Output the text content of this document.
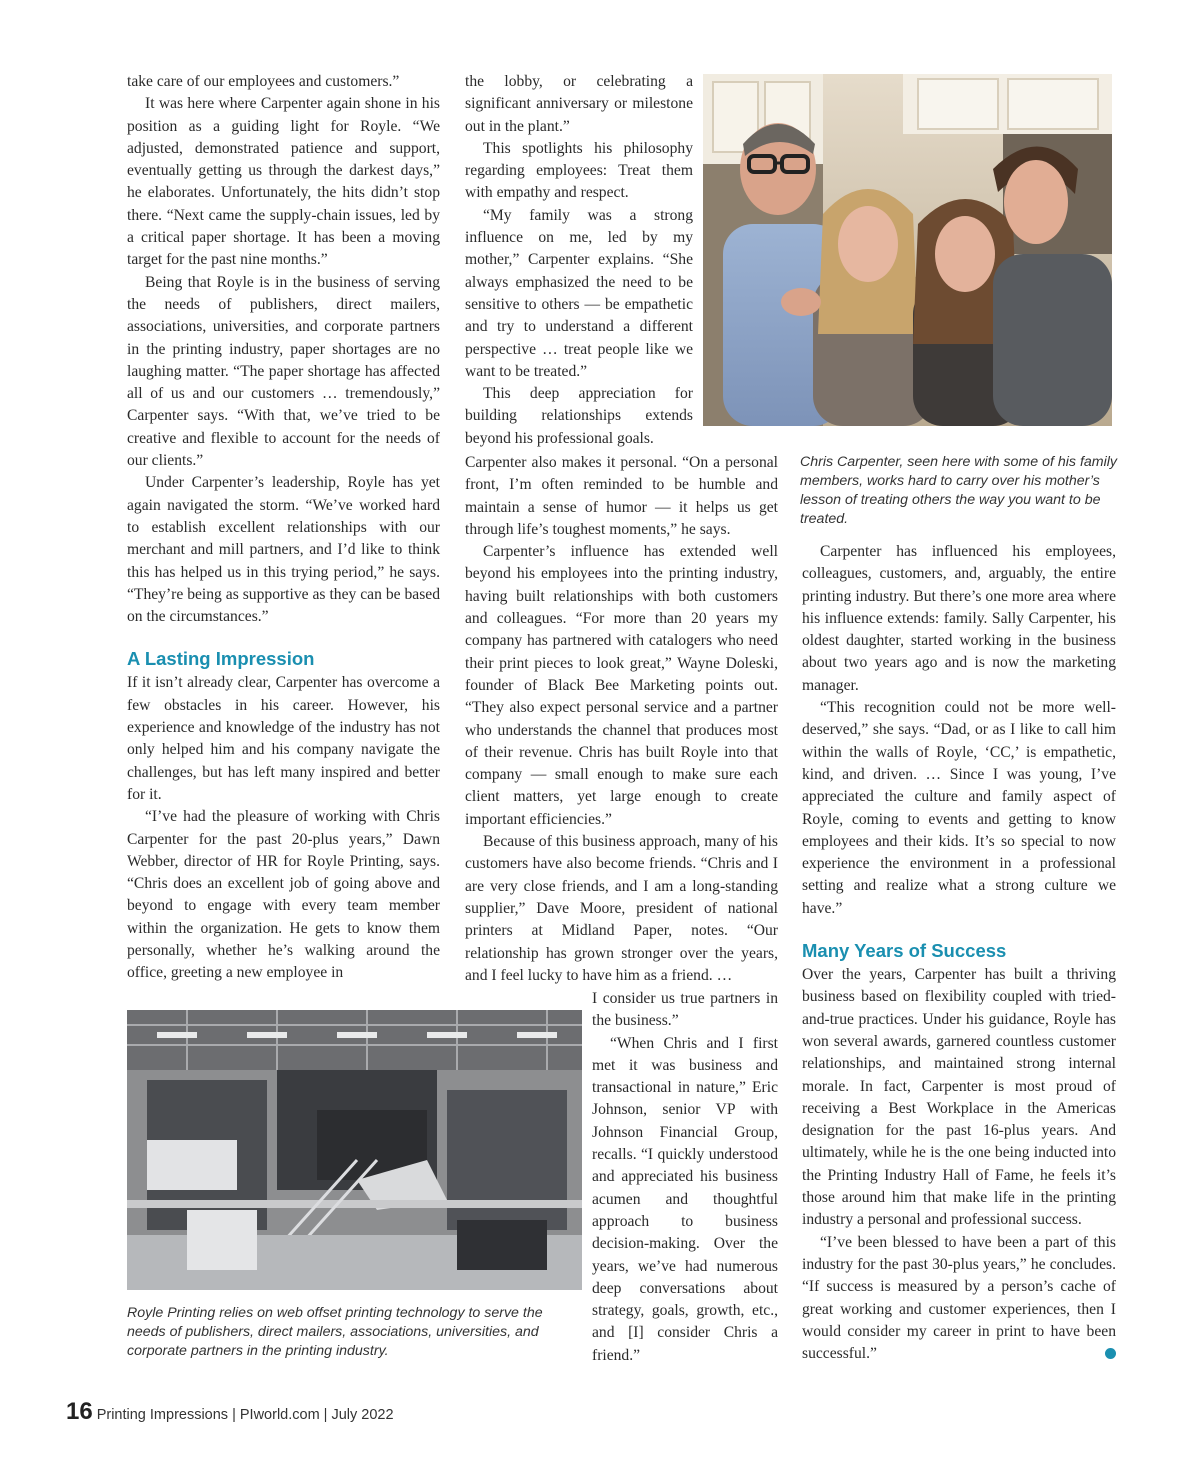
take care of our employees and customers.”

It was here where Carpenter again shone in his position as a guiding light for Royle. “We adjusted, demonstrated patience and support, eventually getting us through the darkest days,” he elaborates. Unfortunately, the hits didn’t stop there. “Next came the supply-chain issues, led by a critical paper shortage. It has been a moving target for the past nine months.”

Being that Royle is in the business of serving the needs of publishers, direct mailers, associations, universities, and corporate partners in the printing industry, paper shortages are no laughing matter. “The paper shortage has affected all of us and our customers … tremendously,” Carpenter says. “With that, we’ve tried to be creative and flexible to account for the needs of our clients.”

Under Carpenter’s leadership, Royle has yet again navigated the storm. “We’ve worked hard to establish excellent relationships with our merchant and mill partners, and I’d like to think this has helped us in this trying period,” he says. “They’re being as supportive as they can be based on the circumstances.”

A Lasting Impression

If it isn’t already clear, Carpenter has overcome a few obstacles in his career. However, his experience and knowledge of the industry has not only helped him and his company navigate the challenges, but has left many inspired and better for it.

“I’ve had the pleasure of working with Chris Carpenter for the past 20-plus years,” Dawn Webber, director of HR for Royle Printing, says. “Chris does an excellent job of going above and beyond to engage with every team member within the organization. He gets to know them personally, whether he’s walking around the office, greeting a new employee in

the lobby, or celebrating a significant anniversary or milestone out in the plant.”

This spotlights his philosophy regarding employees: Treat them with empathy and respect.

“My family was a strong influence on me, led by my mother,” Carpenter explains. “She always emphasized the need to be sensitive to others — be empathetic and try to understand a different perspective … treat people like we want to be treated.”

This deep appreciation for building relationships extends beyond his professional goals.

Carpenter also makes it personal. “On a personal front, I’m often reminded to be humble and maintain a sense of humor — it helps us get through life’s toughest moments,” he says.

Carpenter’s influence has extended well beyond his employees into the printing industry, having built relationships with both customers and colleagues. “For more than 20 years my company has partnered with catalogers who need their print pieces to look great,” Wayne Doleski, founder of Black Bee Marketing points out. “They also expect personal service and a partner who understands the channel that produces most of their revenue. Chris has built Royle into that company — small enough to make sure each client matters, yet large enough to create important efficiencies.”

Because of this business approach, many of his customers have also become friends. “Chris and I are very close friends, and I am a long-standing supplier,” Dave Moore, president of national printers at Midland Paper, notes. “Our relationship has grown stronger over the years, and I feel lucky to have him as a friend. …

I consider us true partners in the business.”

“When Chris and I first met it was business and transactional in nature,” Eric Johnson, senior VP with Johnson Financial Group, recalls. “I quickly understood and appreciated his business acumen and thoughtful approach to business decision-making. Over the years, we’ve had numerous deep conversations about strategy, goals, growth, etc., and [I] consider Chris a friend.”

Carpenter has influenced his employees, colleagues, customers, and, arguably, the entire printing industry. But there’s one more area where his influence extends: family. Sally Carpenter, his oldest daughter, started working in the business about two years ago and is now the marketing manager.

“This recognition could not be more well-deserved,” she says. “Dad, or as I like to call him within the walls of Royle, ‘CC,’ is empathetic, kind, and driven. … Since I was young, I’ve appreciated the culture and family aspect of Royle, coming to events and getting to know employees and their kids. It’s so special to now experience the environment in a professional setting and realize what a strong culture we have.”

Many Years of Success

Over the years, Carpenter has built a thriving business based on flexibility coupled with tried-and-true practices. Under his guidance, Royle has won several awards, garnered countless customer relationships, and maintained strong internal morale. In fact, Carpenter is most proud of receiving a Best Workplace in the Americas designation for the past 16-plus years. And ultimately, while he is the one being inducted into the Printing Industry Hall of Fame, he feels it’s those around him that make life in the printing industry a personal and professional success.

“I’ve been blessed to have been a part of this industry for the past 30-plus years,” he concludes. “If success is measured by a person’s cache of great working and customer experiences, then I would consider my career in print to have been successful.”

Chris Carpenter, seen here with some of his family members, works hard to carry over his mother’s lesson of treating others the way you want to be treated.
Royle Printing relies on web offset printing technology to serve the needs of publishers, direct mailers, associations, universities, and corporate partners in the printing industry.
16 Printing Impressions | PIworld.com | July 2022
